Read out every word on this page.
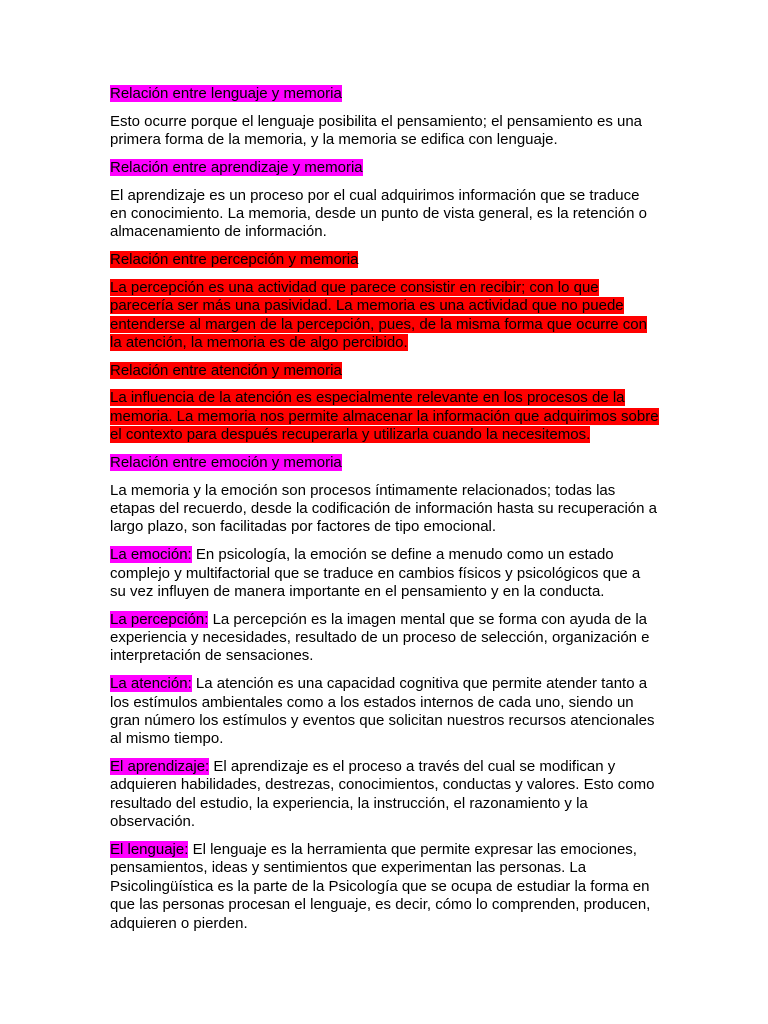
Relación entre lenguaje y memoria

Esto ocurre porque el lenguaje posibilita el pensamiento; el pensamiento es una primera forma de la memoria, y la memoria se edifica con lenguaje.

Relación entre aprendizaje y memoria

El aprendizaje es un proceso por el cual adquirimos información que se traduce en conocimiento. La memoria, desde un punto de vista general, es la retención o almacenamiento de información.

Relación entre percepción y memoria

La percepción es una actividad que parece consistir en recibir; con lo que parecería ser más una pasividad. La memoria es una actividad que no puede entenderse al margen de la percepción, pues, de la misma forma que ocurre con la atención, la memoria es de algo percibido.

Relación entre atención y memoria

La influencia de la atención es especialmente relevante en los procesos de la memoria. La memoria nos permite almacenar la información que adquirimos sobre el contexto para después recuperarla y utilizarla cuando la necesitemos.

Relación entre emoción y memoria

La memoria y la emoción son procesos íntimamente relacionados; todas las etapas del recuerdo, desde la codificación de información hasta su recuperación a largo plazo, son facilitadas por factores de tipo emocional.

La emoción: En psicología, la emoción se define a menudo como un estado complejo y multifactorial que se traduce en cambios físicos y psicológicos que a su vez influyen de manera importante en el pensamiento y en la conducta.

La percepción: La percepción es la imagen mental que se forma con ayuda de la experiencia y necesidades, resultado de un proceso de selección, organización e interpretación de sensaciones.

La atención: La atención es una capacidad cognitiva que permite atender tanto a los estímulos ambientales como a los estados internos de cada uno, siendo un gran número los estímulos y eventos que solicitan nuestros recursos atencionales al mismo tiempo.

El aprendizaje: El aprendizaje es el proceso a través del cual se modifican y adquieren habilidades, destrezas, conocimientos, conductas y valores. Esto como resultado del estudio, la experiencia, la instrucción, el razonamiento y la observación.

El lenguaje: El lenguaje es la herramienta que permite expresar las emociones, pensamientos, ideas y sentimientos que experimentan las personas. La Psicolingüística es la parte de la Psicología que se ocupa de estudiar la forma en que las personas procesan el lenguaje, es decir, cómo lo comprenden, producen, adquieren o pierden.
